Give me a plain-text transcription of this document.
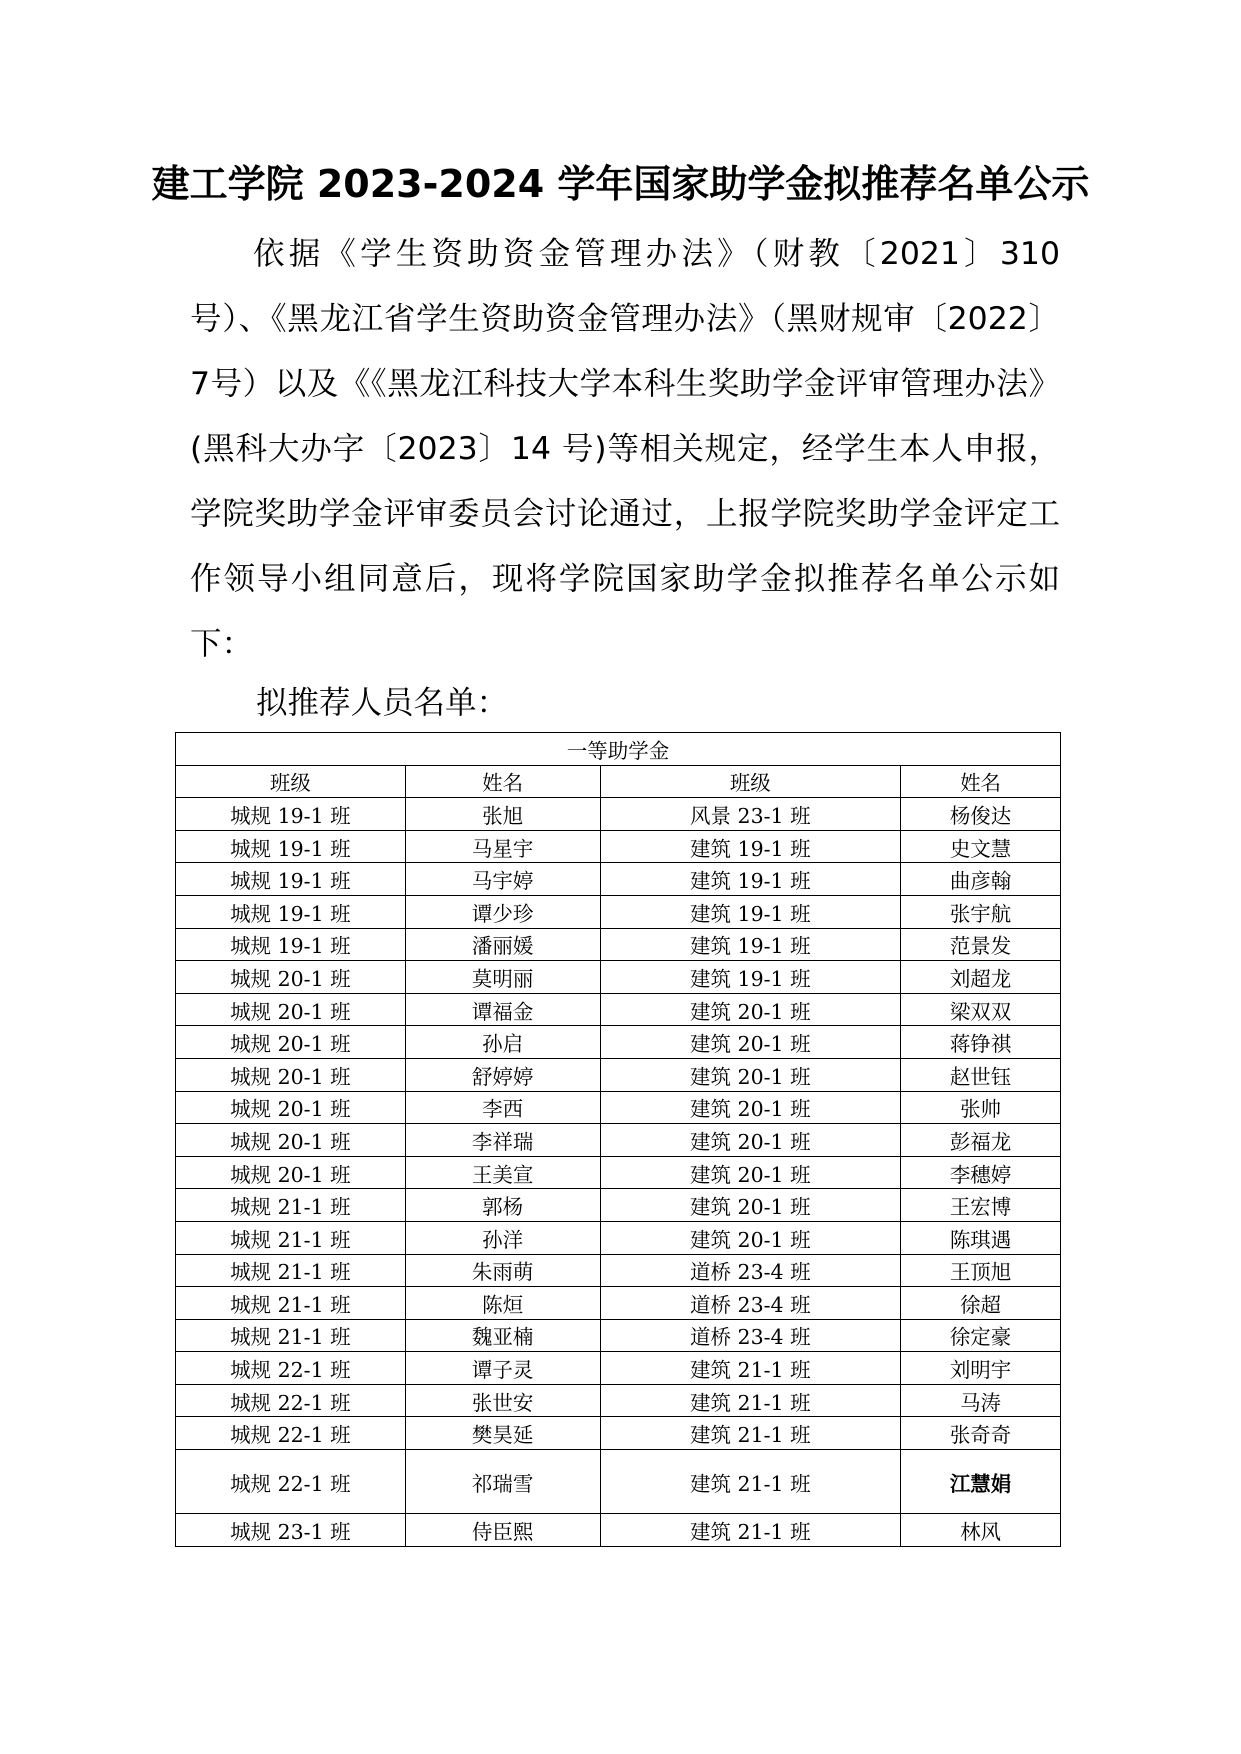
建工学院 2023-2024 学年国家助学金拟推荐名单公示

依据《学生资助资金管理办法》（财教〔2021〕310 号）、《黑龙江省学生资助资金管理办法》（黑财规审〔2022〕7号）以及《《黑龙江科技大学本科生奖助学金评审管理办法》(黑科大办字〔2023〕14 号)等相关规定，经学生本人申报，学院奖助学金评审委员会讨论通过，上报学院奖助学金评定工作领导小组同意后，现将学院国家助学金拟推荐名单公示如下：

拟推荐人员名单：

一等助学金			
班级	姓名	班级	姓名
城规 19-1 班	张旭	风景 23-1 班	杨俊达
城规 19-1 班	马星宇	建筑 19-1 班	史文慧
城规 19-1 班	马宇婷	建筑 19-1 班	曲彦翰
城规 19-1 班	谭少珍	建筑 19-1 班	张宇航
城规 19-1 班	潘丽媛	建筑 19-1 班	范景发
城规 20-1 班	莫明丽	建筑 19-1 班	刘超龙
城规 20-1 班	谭福金	建筑 20-1 班	梁双双
城规 20-1 班	孙启	建筑 20-1 班	蒋铮祺
城规 20-1 班	舒婷婷	建筑 20-1 班	赵世钰
城规 20-1 班	李西	建筑 20-1 班	张帅
城规 20-1 班	李祥瑞	建筑 20-1 班	彭福龙
城规 20-1 班	王美宣	建筑 20-1 班	李穗婷
城规 21-1 班	郭杨	建筑 20-1 班	王宏博
城规 21-1 班	孙洋	建筑 20-1 班	陈琪遇
城规 21-1 班	朱雨萌	道桥 23-4 班	王顶旭
城规 21-1 班	陈烜	道桥 23-4 班	徐超
城规 21-1 班	魏亚楠	道桥 23-4 班	徐定豪
城规 22-1 班	谭子灵	建筑 21-1 班	刘明宇
城规 22-1 班	张世安	建筑 21-1 班	马涛
城规 22-1 班	樊昊延	建筑 21-1 班	张奇奇
城规 22-1 班	祁瑞雪	建筑 21-1 班	江慧娟
城规 23-1 班	侍臣熙	建筑 21-1 班	林风
